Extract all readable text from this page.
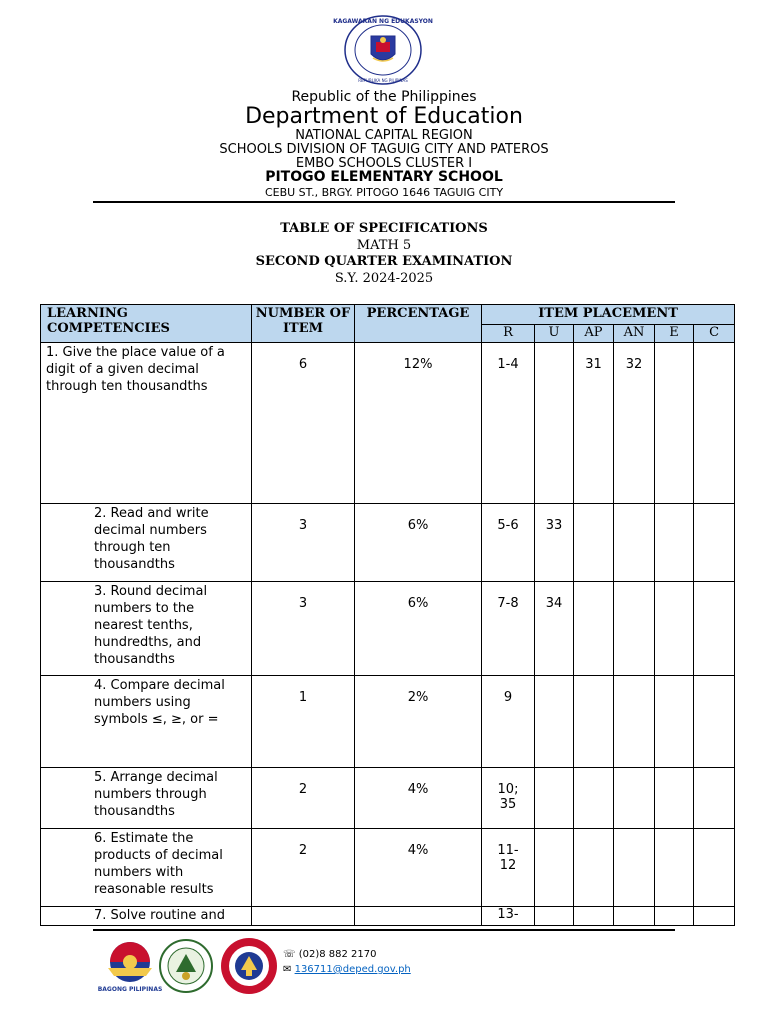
KAGAWARAN NG EDUKASYON
REPUBLIKA NG PILIPINAS
Republic of the Philippines
Department of Education
NATIONAL CAPITAL REGION
SCHOOLS DIVISION OF TAGUIG CITY AND PATEROS
EMBO SCHOOLS CLUSTER I
PITOGO ELEMENTARY SCHOOL
CEBU ST., BRGY. PITOGO 1646 TAGUIG CITY
TABLE OF SPECIFICATIONS
MATH 5
SECOND QUARTER EXAMINATION
S.Y. 2024-2025
LEARNING COMPETENCIES	NUMBER OF ITEM	PERCENTAGE	ITEM PLACEMENT					
			R	U	AP	AN	E	C
1. Give the place value of a digit of a given decimal through ten thousandths	6	12%	1-4		31	32		
2. Read and write decimal numbers through ten thousandths	3	6%	5-6	33				
3. Round decimal numbers to the nearest tenths, hundredths, and thousandths	3	6%	7-8	34				
4. Compare decimal numbers using symbols ≤, ≥, or =	1	2%	9					
5. Arrange decimal numbers through thousandths	2	4%	10; 35					
6. Estimate the products of decimal numbers with reasonable results	2	4%	11- 12					
7. Solve routine and			13-					
BAGONG PILIPINAS
☏ (02)8 882 2170
✉ 136711@deped.gov.ph
